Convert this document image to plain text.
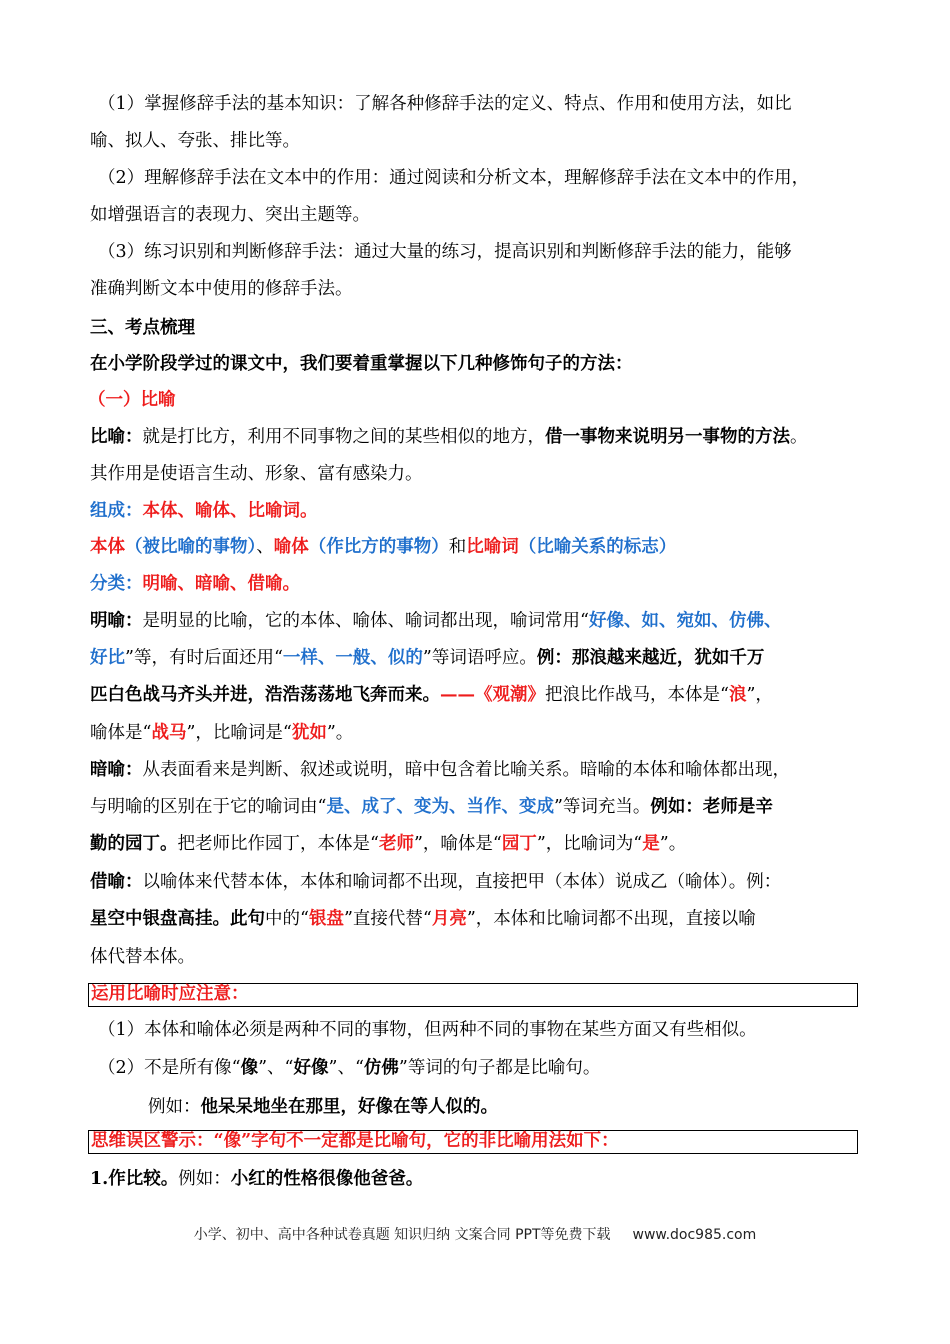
（1）掌握修辞手法的基本知识：了解各种修辞手法的定义、特点、作用和使用方法，如比
喻、拟人、夸张、排比等。
（2）理解修辞手法在文本中的作用：通过阅读和分析文本，理解修辞手法在文本中的作用，
如增强语言的表现力、突出主题等。
（3）练习识别和判断修辞手法：通过大量的练习，提高识别和判断修辞手法的能力，能够
准确判断文本中使用的修辞手法。
三、考点梳理
在小学阶段学过的课文中，我们要着重掌握以下几种修饰句子的方法：
（一）比喻
比喻：就是打比方，利用不同事物之间的某些相似的地方，借一事物来说明另一事物的方法。
其作用是使语言生动、形象、富有感染力。
组成：本体、喻体、比喻词。
本体（被比喻的事物）、喻体（作比方的事物）和比喻词（比喻关系的标志）
分类：明喻、暗喻、借喻。
明喻：是明显的比喻，它的本体、喻体、喻词都出现，喻词常用“好像、如、宛如、仿佛、
好比”等，有时后面还用“一样、一般、似的”等词语呼应。例：那浪越来越近，犹如千万
匹白色战马齐头并进，浩浩荡荡地飞奔而来。——《观潮》把浪比作战马，本体是“浪”，
喻体是“战马”，比喻词是“犹如”。
暗喻：从表面看来是判断、叙述或说明，暗中包含着比喻关系。暗喻的本体和喻体都出现，
与明喻的区别在于它的喻词由“是、成了、变为、当作、变成”等词充当。例如：老师是辛
勤的园丁。把老师比作园丁，本体是“老师”，喻体是“园丁”，比喻词为“是”。
借喻：以喻体来代替本体，本体和喻词都不出现，直接把甲（本体）说成乙（喻体）。例：
星空中银盘高挂。此句中的“银盘”直接代替“月亮”，本体和比喻词都不出现，直接以喻
体代替本体。
运用比喻时应注意：
（1）本体和喻体必须是两种不同的事物，但两种不同的事物在某些方面又有些相似。
（2）不是所有像“像”、“好像”、“仿佛”等词的句子都是比喻句。
例如：他呆呆地坐在那里，好像在等人似的。
思维误区警示：“像”字句不一定都是比喻句，它的非比喻用法如下：
1.作比较。例如：小红的性格很像他爸爸。
小学、初中、高中各种试卷真题 知识归纳 文案合同 PPT等免费下载 www.doc985.com
